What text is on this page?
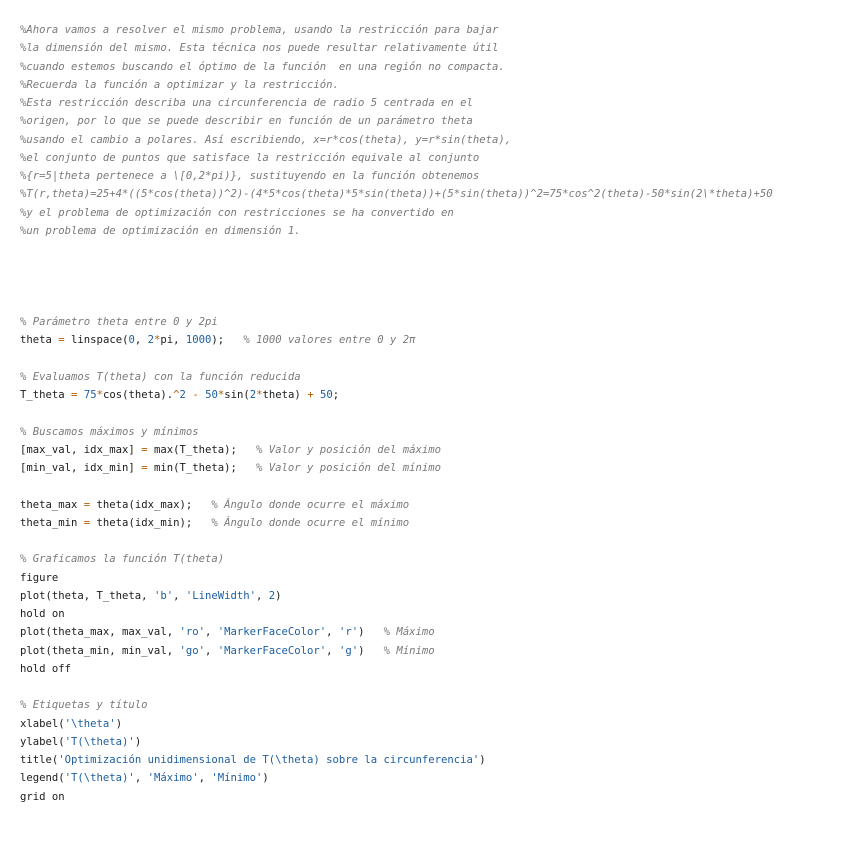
%Ahora vamos a resolver el mismo problema, usando la restricción para bajar
%la dimensión del mismo. Esta técnica nos puede resultar relativamente útil
%cuando estemos buscando el óptimo de la función  en una región no compacta.
%Recuerda la función a optimizar y la restricción.
%Esta restricción describa una circunferencia de radio 5 centrada en el
%origen, por lo que se puede describir en función de un parámetro theta
%usando el cambio a polares. Así escribiendo, x=r*cos(theta), y=r*sin(theta),
%el conjunto de puntos que satisface la restricción equivale al conjunto
%{r=5|theta pertenece a \[0,2*pi)}, sustituyendo en la función obtenemos
%T(r,theta)=25+4*((5*cos(theta))^2)-(4*5*cos(theta)*5*sin(theta))+(5*sin(theta))^2=75*cos^2(theta)-50*sin(2\*theta)+50
%y el problema de optimización con restricciones se ha convertido en
%un problema de optimización en dimensión 1.
% Parámetro theta entre 0 y 2pi
theta = linspace(0, 2*pi, 1000);   % 1000 valores entre 0 y 2π
% Evaluamos T(theta) con la función reducida
T_theta = 75*cos(theta).^2 - 50*sin(2*theta) + 50;
% Buscamos máximos y mínimos
[max_val, idx_max] = max(T_theta);   % Valor y posición del máximo
[min_val, idx_min] = min(T_theta);   % Valor y posición del mínimo
theta_max = theta(idx_max);   % Ángulo donde ocurre el máximo
theta_min = theta(idx_min);   % Ángulo donde ocurre el mínimo
% Graficamos la función T(theta)
figure
plot(theta, T_theta, 'b', 'LineWidth', 2)
hold on
plot(theta_max, max_val, 'ro', 'MarkerFaceColor', 'r')   % Máximo
plot(theta_min, min_val, 'go', 'MarkerFaceColor', 'g')   % Mínimo
hold off
% Etiquetas y título
xlabel('\theta')
ylabel('T(\theta)')
title('Optimización unidimensional de T(\theta) sobre la circunferencia')
legend('T(\theta)', 'Máximo', 'Mínimo')
grid on
